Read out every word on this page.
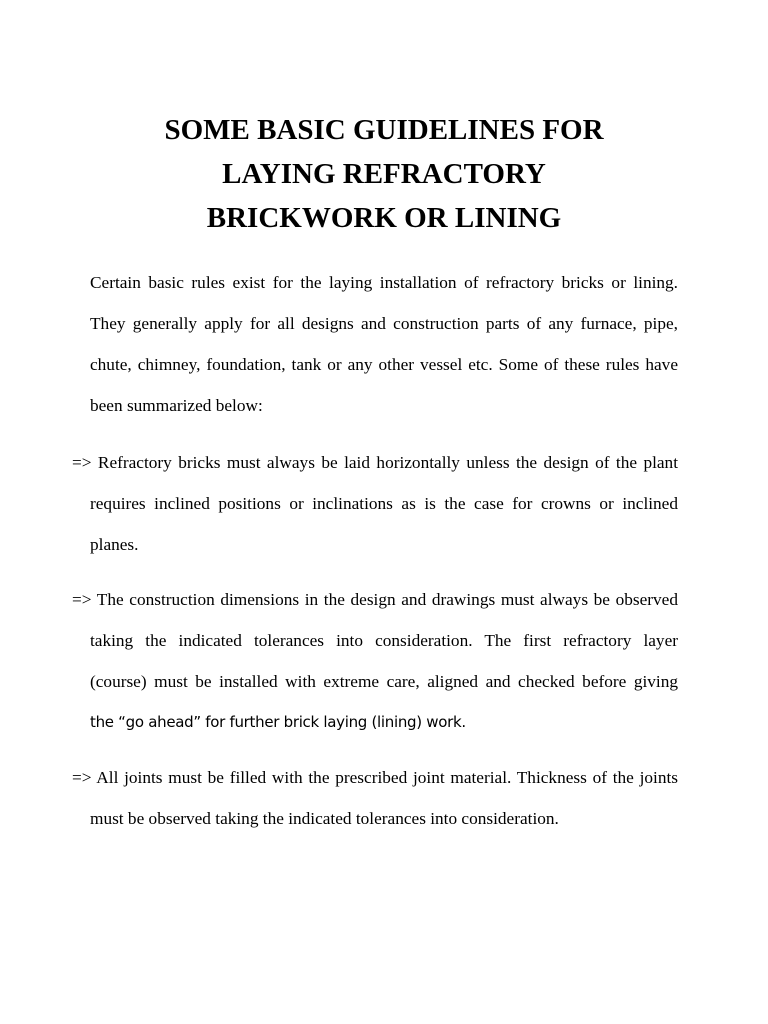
SOME BASIC GUIDELINES FOR
LAYING REFRACTORY
BRICKWORK OR LINING
Certain basic rules exist for the laying installation of refractory bricks or lining.
They generally apply for all designs and construction parts of any furnace, pipe,
chute, chimney, foundation, tank or any other vessel etc. Some of these rules have
been summarized below:
=> Refractory bricks must always be laid horizontally unless the design of the plant
requires inclined positions or inclinations as is the case for crowns or inclined
planes.
=> The construction dimensions in the design and drawings must always be observed
taking the indicated tolerances into consideration. The first refractory layer
(course) must be installed with extreme care, aligned and checked before giving
the “go ahead” for further brick laying (lining) work.
=> All joints must be filled with the prescribed joint material. Thickness of the joints
must be observed taking the indicated tolerances into consideration.
